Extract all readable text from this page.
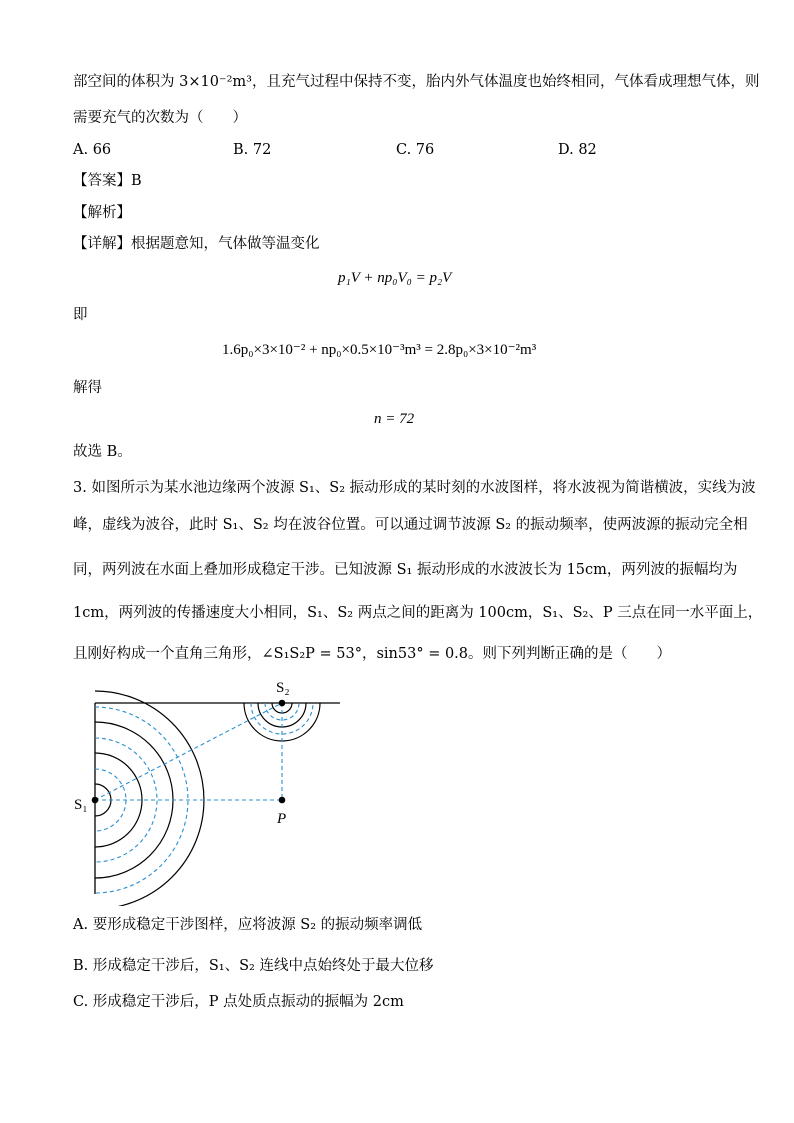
部空间的体积为 3×10⁻²m³，且充气过程中保持不变，胎内外气体温度也始终相同，气体看成理想气体，则
需要充气的次数为（　　）
A. 66	B. 72	C. 76	D. 82
【答案】B
【解析】
【详解】根据题意知，气体做等温变化
p₁V + np₀V₀ = p₂V
即
1.6p₀×3×10⁻² + np₀×0.5×10⁻³m³ = 2.8p₀×3×10⁻²m³
解得
n = 72
故选 B。
3. 如图所示为某水池边缘两个波源 S₁、S₂ 振动形成的某时刻的水波图样，将水波视为简谐横波，实线为波
峰，虚线为波谷，此时 S₁、S₂ 均在波谷位置。可以通过调节波源 S₂ 的振动频率，使两波源的振动完全相
同，两列波在水面上叠加形成稳定干涉。已知波源 S₁ 振动形成的水波波长为 15cm，两列波的振幅均为
1cm，两列波的传播速度大小相同，S₁、S₂ 两点之间的距离为 100cm，S₁、S₂、P 三点在同一水平面上，
且刚好构成一个直角三角形，∠S₁S₂P = 53°，sin53° = 0.8。则下列判断正确的是（　　）
S₁
S₂
P
A. 要形成稳定干涉图样，应将波源 S₂ 的振动频率调低
B. 形成稳定干涉后，S₁、S₂ 连线中点始终处于最大位移
C. 形成稳定干涉后，P 点处质点振动的振幅为 2cm
